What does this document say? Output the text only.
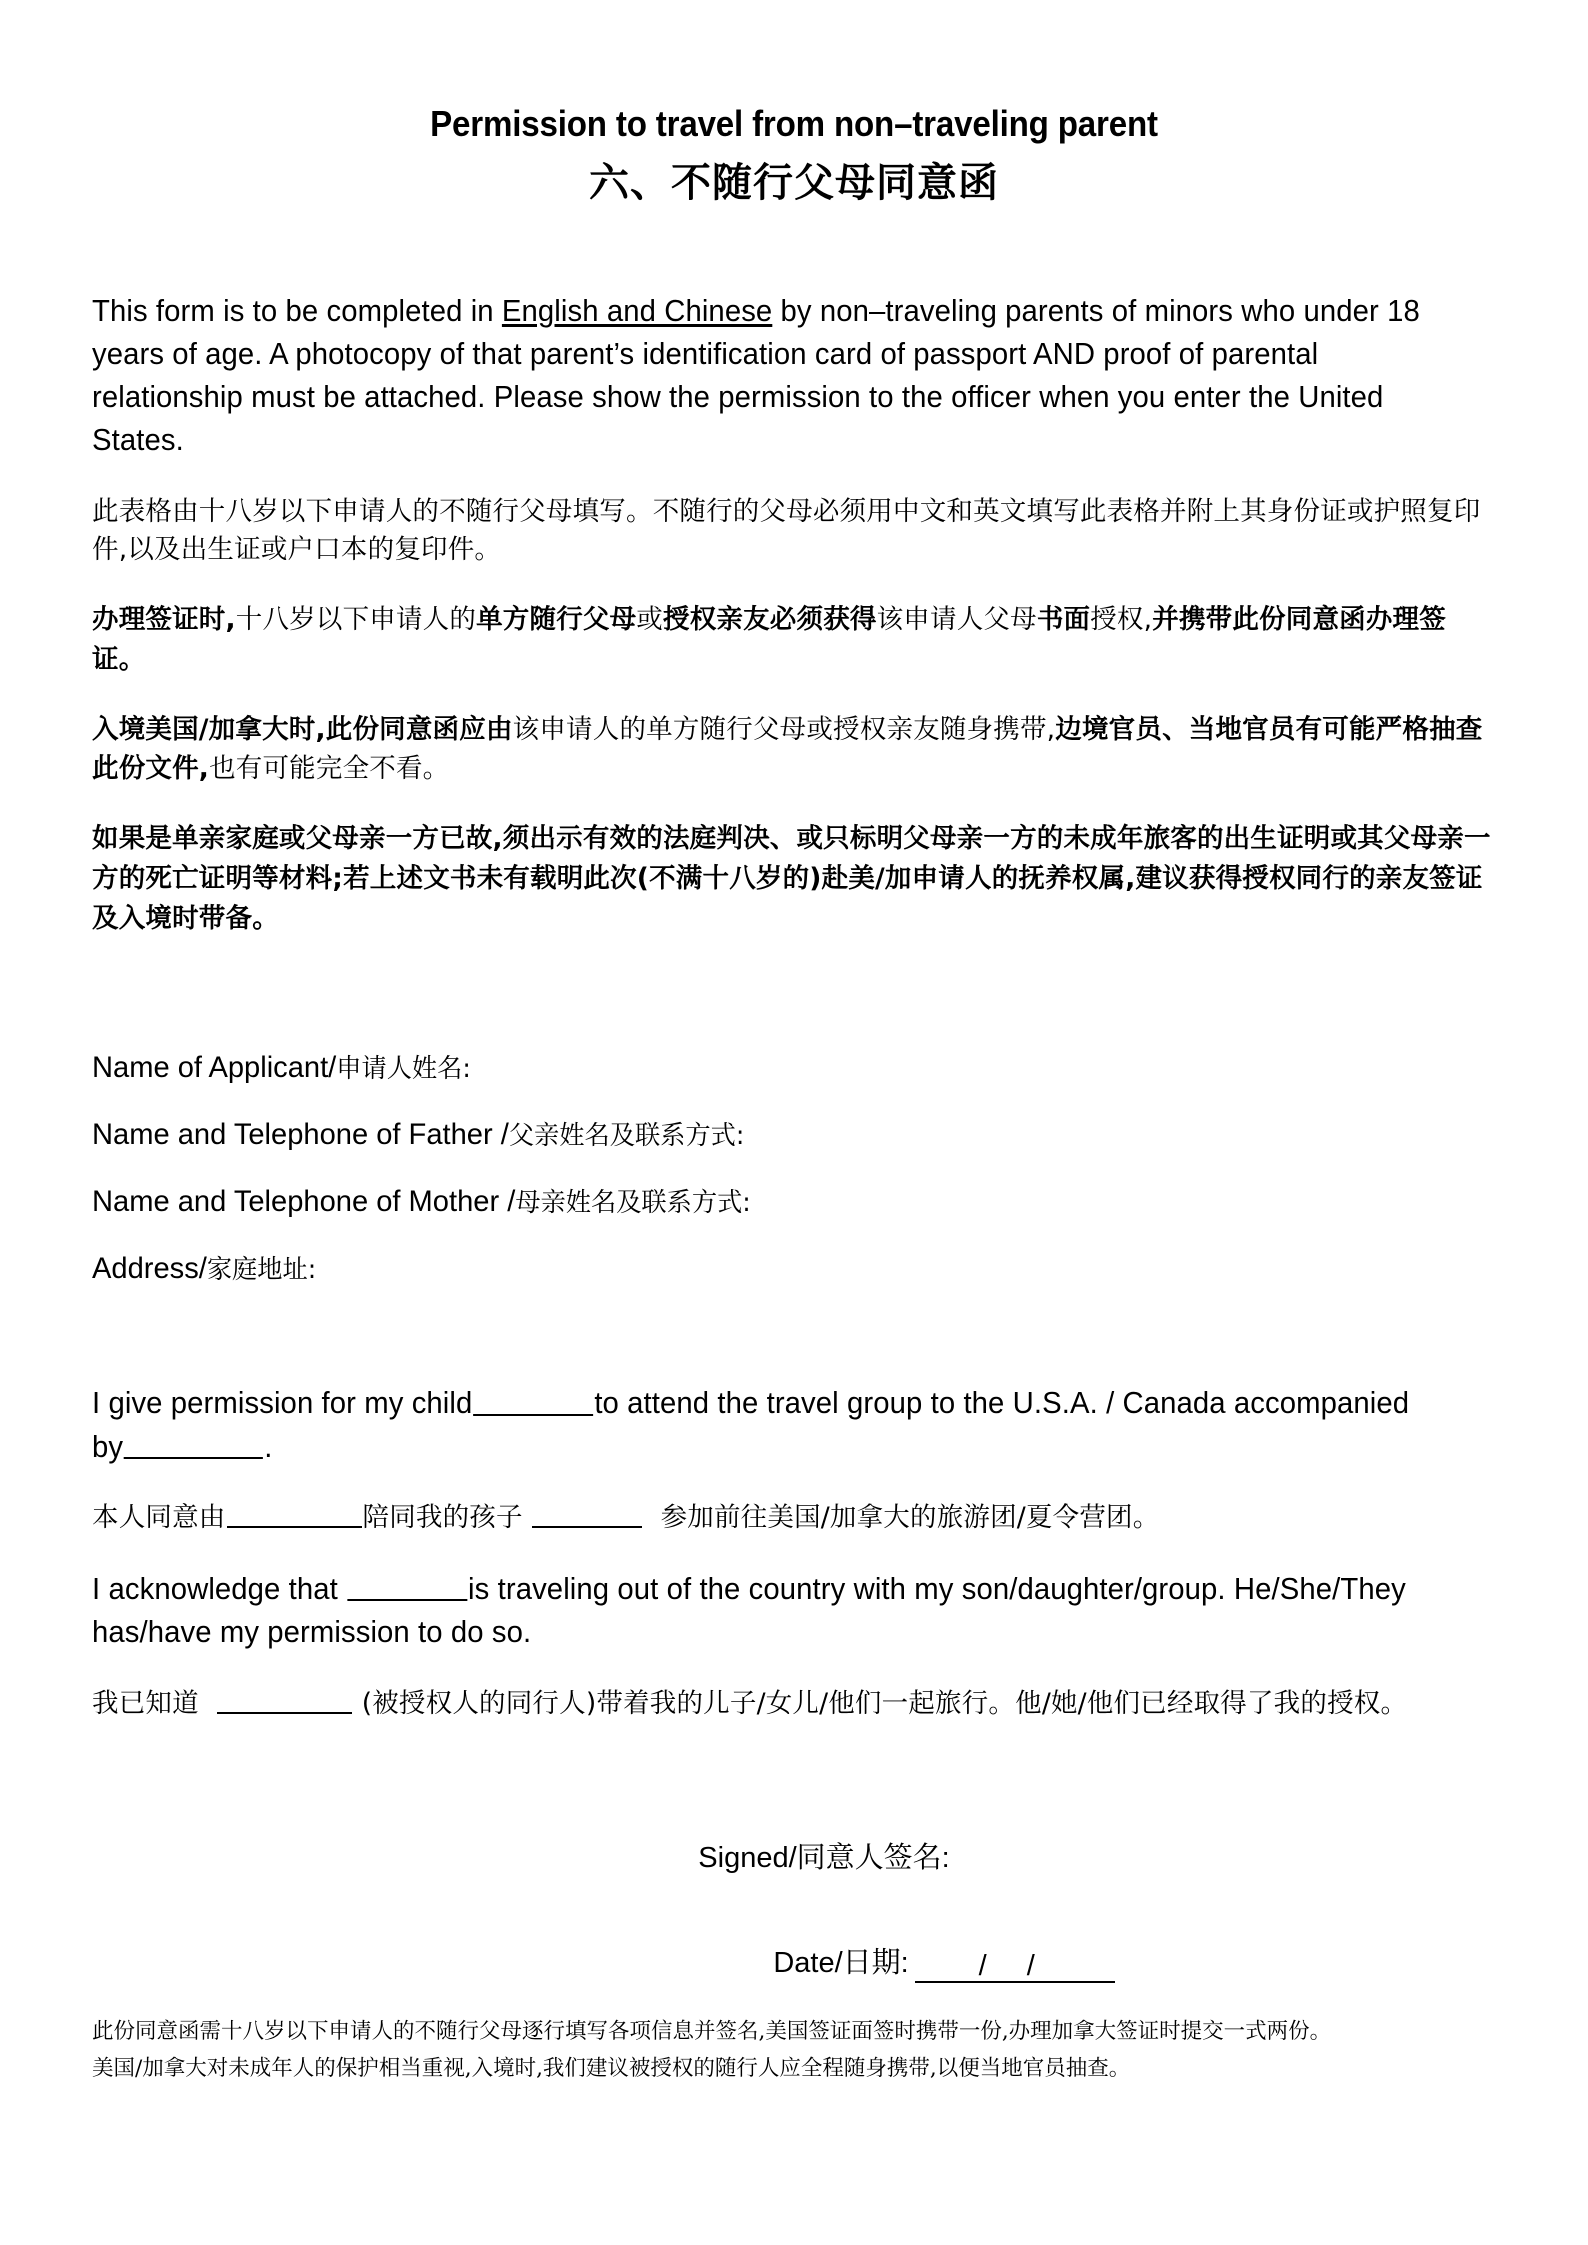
Permission to travel from non–traveling parent
六、不随行父母同意函

This form is to be completed in English and Chinese by non–traveling parents of minors who under 18 years of age. A photocopy of that parent’s identification card of passport AND proof of parental relationship must be attached. Please show the permission to the officer when you enter the United States.

此表格由十八岁以下申请人的不随行父母填写。不随行的父母必须用中文和英文填写此表格并附上其身份证或护照复印件,以及出生证或户口本的复印件。

办理签证时,十八岁以下申请人的单方随行父母或授权亲友必须获得该申请人父母书面授权,并携带此份同意函办理签证。

入境美国/加拿大时,此份同意函应由该申请人的单方随行父母或授权亲友随身携带,边境官员、当地官员有可能严格抽查此份文件,也有可能完全不看。

如果是单亲家庭或父母亲一方已故,须出示有效的法庭判决、或只标明父母亲一方的未成年旅客的出生证明或其父母亲一方的死亡证明等材料;若上述文书未有载明此次(不满十八岁的)赴美/加申请人的抚养权属,建议获得授权同行的亲友签证及入境时带备。

Name of Applicant/申请人姓名:

Name and Telephone of Father /父亲姓名及联系方式:

Name and Telephone of Mother /母亲姓名及联系方式:

Address/家庭地址:

I give permission for my child	to attend the travel group to the U.S.A. / Canada accompanied by	.

本人同意由	陪同我的孩子	参加前往美国/加拿大的旅游团/夏令营团。

I acknowledge that	is traveling out of the country with my son/daughter/group. He/She/They has/have my permission to do so.

我已知道	(被授权人的同行人)带着我的儿子/女儿/他们一起旅行。他/她/他们已经取得了我的授权。

Signed/同意人签名:

Date/日期: / /

此份同意函需十八岁以下申请人的不随行父母逐行填写各项信息并签名,美国签证面签时携带一份,办理加拿大签证时提交一式两份。

美国/加拿大对未成年人的保护相当重视,入境时,我们建议被授权的随行人应全程随身携带,以便当地官员抽查。
